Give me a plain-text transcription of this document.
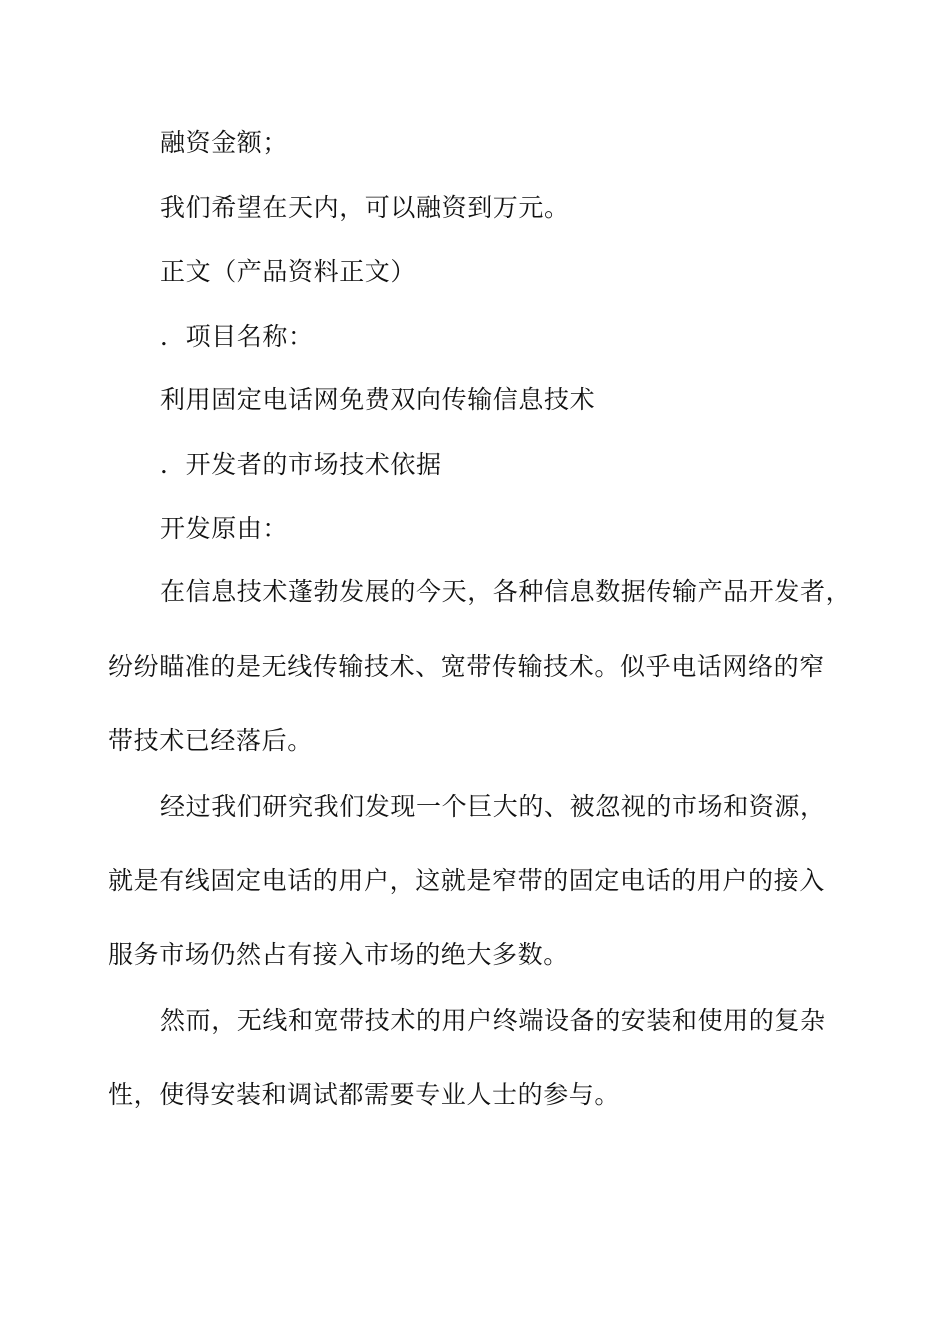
融资金额；
我们希望在天内，可以融资到万元。
正文（产品资料正文）
．项目名称：
利用固定电话网免费双向传输信息技术
．开发者的市场技术依据
开发原由：
在信息技术蓬勃发展的今天，各种信息数据传输产品开发者，
纷纷瞄准的是无线传输技术、宽带传输技术。似乎电话网络的窄
带技术已经落后。
经过我们研究我们发现一个巨大的、被忽视的市场和资源，
就是有线固定电话的用户，这就是窄带的固定电话的用户的接入
服务市场仍然占有接入市场的绝大多数。
然而，无线和宽带技术的用户终端设备的安装和使用的复杂
性，使得安装和调试都需要专业人士的参与。
